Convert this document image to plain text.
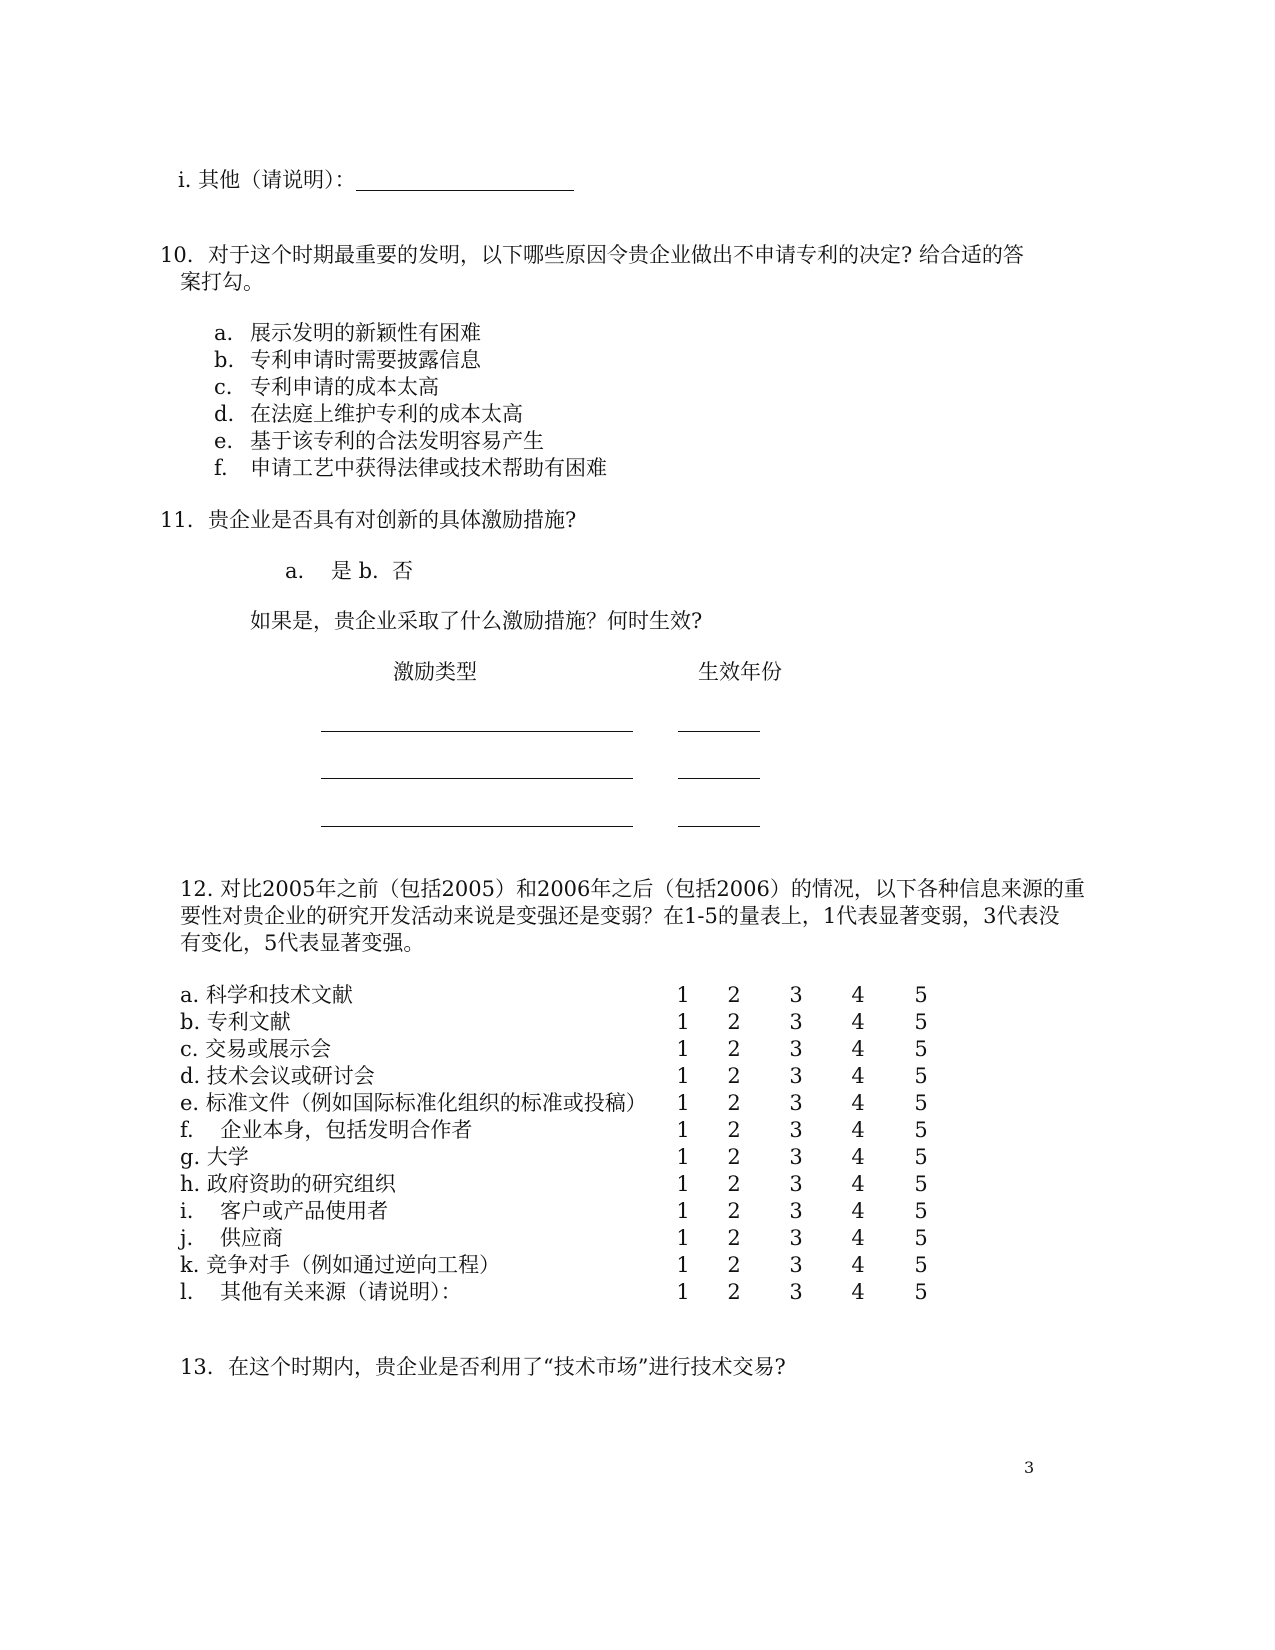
i. 其他（请说明）：
10. 对于这个时期最重要的发明，以下哪些原因令贵企业做出不申请专利的决定? 给合适的答
案打勾。
a. 展示发明的新颖性有困难
b. 专利申请时需要披露信息
c. 专利申请的成本太高
d. 在法庭上维护专利的成本太高
e. 基于该专利的合法发明容易产生
f. 申请工艺中获得法律或技术帮助有困难
11. 贵企业是否具有对创新的具体激励措施?
a.    是 b.  否
如果是，贵企业采取了什么激励措施？何时生效?
激励类型	生效年份
12. 对比2005年之前（包括2005）和2006年之后（包括2006）的情况，以下各种信息来源的重
要性对贵企业的研究开发活动来说是变强还是变弱？在1-5的量表上，1代表显著变弱，3代表没
有变化，5代表显著变强。
a. 科学和技术文献	1 2 3 4 5
b. 专利文献	1 2 3 4 5
c. 交易或展示会	1 2 3 4 5
d. 技术会议或研讨会	1 2 3 4 5
e. 标准文件（例如国际标准化组织的标准或投稿） 1 2 3 4 5
f.    企业本身，包括发明合作者	1 2 3 4 5
g. 大学	1 2 3 4 5
h. 政府资助的研究组织	1 2 3 4 5
i.    客户或产品使用者	1 2 3 4 5
j.    供应商	1 2 3 4 5
k. 竞争对手（例如通过逆向工程）	1 2 3 4 5
l.    其他有关来源（请说明）：	1 2 3 4 5
13. 在这个时期内，贵企业是否利用了“技术市场”进行技术交易?
3
